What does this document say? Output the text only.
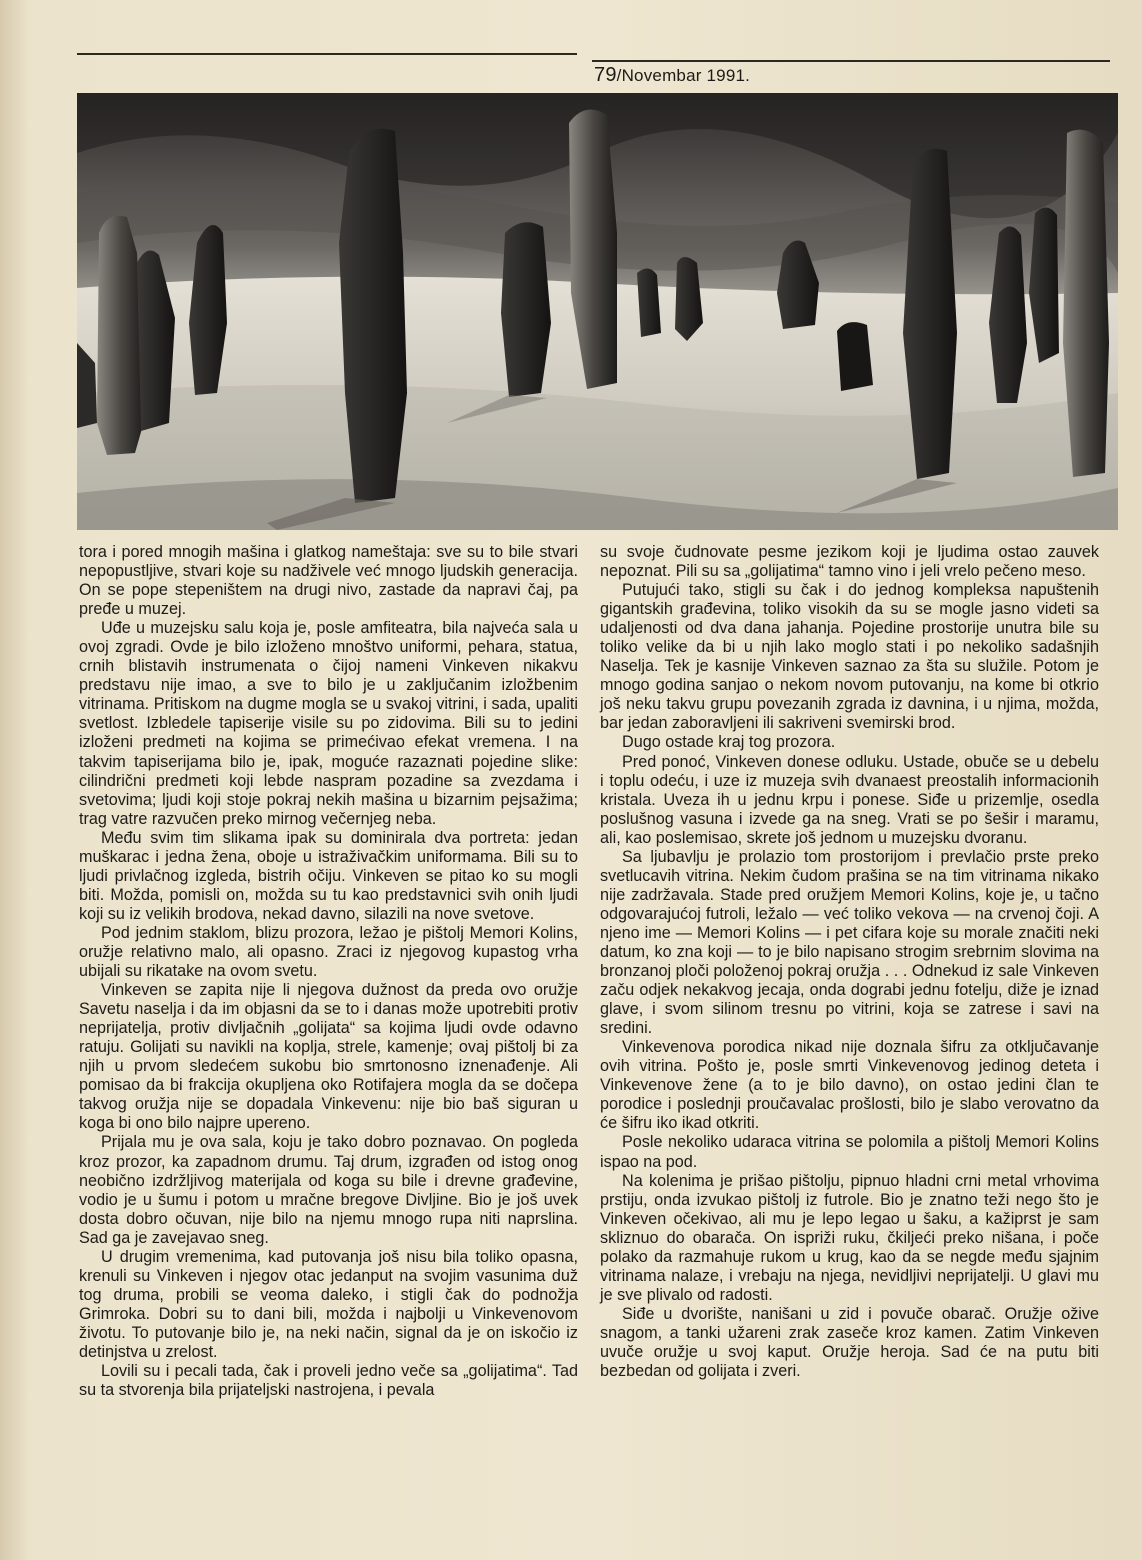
79/Novembar 1991.

tora i pored mnogih mašina i glatkog nameštaja: sve su to bile stvari nepopustljive, stvari koje su nadživele već mnogo ljudskih generacija. On se pope stepeništem na drugi nivo, zastade da napravi čaj, pa pređe u muzej.

Uđe u muzejsku salu koja je, posle amfiteatra, bila najveća sala u ovoj zgradi. Ovde je bilo izloženo mnoštvo uniformi, pehara, statua, crnih blistavih instrumenata o čijoj nameni Vinkeven nikakvu predstavu nije imao, a sve to bilo je u zaključanim izložbenim vitrinama. Pritiskom na dugme mogla se u svakoj vitrini, i sada, upaliti svetlost. Izbledele tapiserije visile su po zidovima. Bili su to jedini izloženi predmeti na kojima se primećivao efekat vremena. I na takvim tapiserijama bilo je, ipak, moguće razaznati pojedine slike: cilindrični predmeti koji lebde naspram pozadine sa zvezdama i svetovima; ljudi koji stoje pokraj nekih mašina u bizarnim pejsažima; trag vatre razvučen preko mirnog večernjeg neba.

Među svim tim slikama ipak su dominirala dva portreta: jedan muškarac i jedna žena, oboje u istraživačkim uniformama. Bili su to ljudi privlačnog izgleda, bistrih očiju. Vinkeven se pitao ko su mogli biti. Možda, pomisli on, možda su tu kao predstavnici svih onih ljudi koji su iz velikih brodova, nekad davno, silazili na nove svetove.

Pod jednim staklom, blizu prozora, ležao je pištolj Memori Kolins, oružje relativno malo, ali opasno. Zraci iz njegovog kupastog vrha ubijali su rikatake na ovom svetu.

Vinkeven se zapita nije li njegova dužnost da preda ovo oružje Savetu naselja i da im objasni da se to i danas može upotrebiti protiv neprijatelja, protiv divljačnih „golijata“ sa kojima ljudi ovde odavno ratuju. Golijati su navikli na koplja, strele, kamenje; ovaj pištolj bi za njih u prvom sledećem sukobu bio smrtonosno iznenađenje. Ali pomisao da bi frakcija okupljena oko Rotifajera mogla da se dočepa takvog oružja nije se dopadala Vinkevenu: nije bio baš siguran u koga bi ono bilo najpre upereno.

Prijala mu je ova sala, koju je tako dobro poznavao. On pogleda kroz prozor, ka zapadnom drumu. Taj drum, izgrađen od istog onog neobično izdržljivog materijala od koga su bile i drevne građevine, vodio je u šumu i potom u mračne bregove Divljine. Bio je još uvek dosta dobro očuvan, nije bilo na njemu mnogo rupa niti naprslina. Sad ga je zavejavao sneg.

U drugim vremenima, kad putovanja još nisu bila toliko opasna, krenuli su Vinkeven i njegov otac jedanput na svojim vasunima duž tog druma, probili se veoma daleko, i stigli čak do podnožja Grimroka. Dobri su to dani bili, možda i najbolji u Vinkevenovom životu. To putovanje bilo je, na neki način, signal da je on iskočio iz detinjstva u zrelost.

Lovili su i pecali tada, čak i proveli jedno veče sa „golijatima“. Tad su ta stvorenja bila prijateljski nastrojena, i pevala

su svoje čudnovate pesme jezikom koji je ljudima ostao zauvek nepoznat. Pili su sa „golijatima“ tamno vino i jeli vrelo pečeno meso.

Putujući tako, stigli su čak i do jednog kompleksa napuštenih gigantskih građevina, toliko visokih da su se mogle jasno videti sa udaljenosti od dva dana jahanja. Pojedine prostorije unutra bile su toliko velike da bi u njih lako moglo stati i po nekoliko sadašnjih Naselja. Tek je kasnije Vinkeven saznao za šta su služile. Potom je mnogo godina sanjao o nekom novom putovanju, na kome bi otkrio još neku takvu grupu povezanih zgrada iz davnina, i u njima, možda, bar jedan zaboravljeni ili sakriveni svemirski brod.

Dugo ostade kraj tog prozora.

Pred ponoć, Vinkeven donese odluku. Ustade, obuče se u debelu i toplu odeću, i uze iz muzeja svih dvanaest preostalih informacionih kristala. Uveza ih u jednu krpu i ponese. Siđe u prizemlje, osedla poslušnog vasuna i izvede ga na sneg. Vrati se po šešir i maramu, ali, kao poslemisao, skrete još jednom u muzejsku dvoranu.

Sa ljubavlju je prolazio tom prostorijom i prevlačio prste preko svetlucavih vitrina. Nekim čudom prašina se na tim vitrinama nikako nije zadržavala. Stade pred oružjem Memori Kolins, koje je, u tačno odgovarajućoj futroli, ležalo — već toliko vekova — na crvenoj čoji. A njeno ime — Memori Kolins — i pet cifara koje su morale značiti neki datum, ko zna koji — to je bilo napisano strogim srebrnim slovima na bronzanoj ploči položenoj pokraj oružja . . . Odnekud iz sale Vinkeven začu odjek nekakvog jecaja, onda dograbi jednu fotelju, diže je iznad glave, i svom silinom tresnu po vitrini, koja se zatrese i savi na sredini.

Vinkevenova porodica nikad nije doznala šifru za otključavanje ovih vitrina. Pošto je, posle smrti Vinkevenovog jedinog deteta i Vinkevenove žene (a to je bilo davno), on ostao jedini član te porodice i poslednji proučavalac prošlosti, bilo je slabo verovatno da će šifru iko ikad otkriti.

Posle nekoliko udaraca vitrina se polomila a pištolj Memori Kolins ispao na pod.

Na kolenima je prišao pištolju, pipnuo hladni crni metal vrhovima prstiju, onda izvukao pištolj iz futrole. Bio je znatno teži nego što je Vinkeven očekivao, ali mu je lepo legao u šaku, a kažiprst je sam skliznuo do obarača. On ispriži ruku, čkiljeći preko nišana, i poče polako da razmahuje rukom u krug, kao da se negde među sjajnim vitrinama nalaze, i vrebaju na njega, nevidljivi neprijatelji. U glavi mu je sve plivalo od radosti.

Siđe u dvorište, nanišani u zid i povuče obarač. Oružje ožive snagom, a tanki užareni zrak zaseče kroz kamen. Zatim Vinkeven uvuče oružje u svoj kaput. Oružje heroja. Sad će na putu biti bezbedan od golijata i zveri.
